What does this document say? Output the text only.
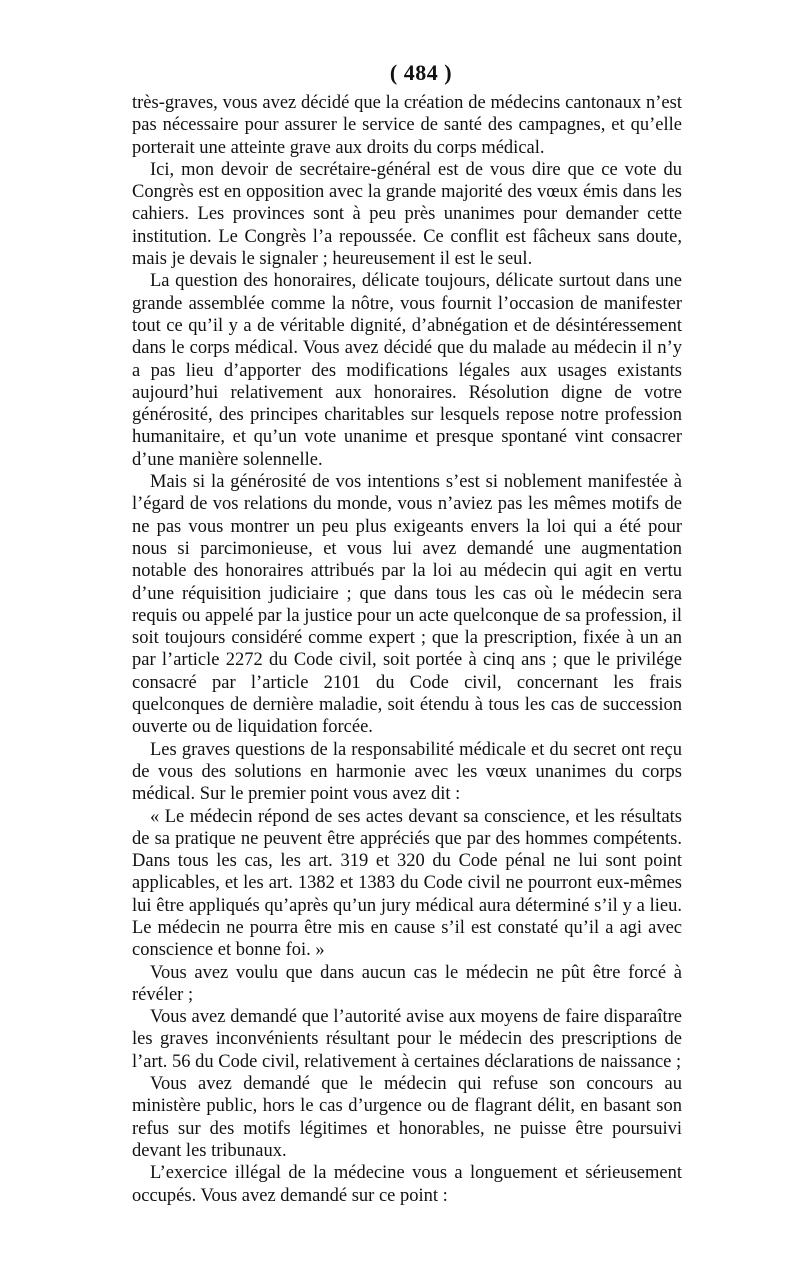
( 484 )

très-graves, vous avez décidé que la création de médecins cantonaux n’est pas nécessaire pour assurer le service de santé des campagnes, et qu’elle porterait une atteinte grave aux droits du corps médical.

Ici, mon devoir de secrétaire-général est de vous dire que ce vote du Congrès est en opposition avec la grande majorité des vœux émis dans les cahiers. Les provinces sont à peu près unanimes pour demander cette institution. Le Congrès l’a repoussée. Ce conflit est fâcheux sans doute, mais je devais le signaler ; heureusement il est le seul.

La question des honoraires, délicate toujours, délicate surtout dans une grande assemblée comme la nôtre, vous fournit l’occasion de manifester tout ce qu’il y a de véritable dignité, d’abnégation et de désintéressement dans le corps médical. Vous avez décidé que du malade au médecin il n’y a pas lieu d’apporter des modifications légales aux usages existants aujourd’hui relativement aux honoraires. Résolution digne de votre générosité, des principes charitables sur lesquels repose notre profession humanitaire, et qu’un vote unanime et presque spontané vint consacrer d’une manière solennelle.

Mais si la générosité de vos intentions s’est si noblement manifestée à l’égard de vos relations du monde, vous n’aviez pas les mêmes motifs de ne pas vous montrer un peu plus exigeants envers la loi qui a été pour nous si parcimonieuse, et vous lui avez demandé une augmentation notable des honoraires attribués par la loi au médecin qui agit en vertu d’une réquisition judiciaire ; que dans tous les cas où le médecin sera requis ou appelé par la justice pour un acte quelconque de sa profession, il soit toujours considéré comme expert ; que la prescription, fixée à un an par l’article 2272 du Code civil, soit portée à cinq ans ; que le privilége consacré par l’article 2101 du Code civil, concernant les frais quelconques de dernière maladie, soit étendu à tous les cas de succession ouverte ou de liquidation forcée.

Les graves questions de la responsabilité médicale et du secret ont reçu de vous des solutions en harmonie avec les vœux unanimes du corps médical. Sur le premier point vous avez dit :

« Le médecin répond de ses actes devant sa conscience, et les résultats de sa pratique ne peuvent être appréciés que par des hommes compétents. Dans tous les cas, les art. 319 et 320 du Code pénal ne lui sont point applicables, et les art. 1382 et 1383 du Code civil ne pourront eux-mêmes lui être appliqués qu’après qu’un jury médical aura déterminé s’il y a lieu. Le médecin ne pourra être mis en cause s’il est constaté qu’il a agi avec conscience et bonne foi. »

Vous avez voulu que dans aucun cas le médecin ne pût être forcé à révéler ;

Vous avez demandé que l’autorité avise aux moyens de faire disparaître les graves inconvénients résultant pour le médecin des prescriptions de l’art. 56 du Code civil, relativement à certaines déclarations de naissance ;

Vous avez demandé que le médecin qui refuse son concours au ministère public, hors le cas d’urgence ou de flagrant délit, en basant son refus sur des motifs légitimes et honorables, ne puisse être poursuivi devant les tribunaux.

L’exercice illégal de la médecine vous a longuement et sérieusement occupés. Vous avez demandé sur ce point :
